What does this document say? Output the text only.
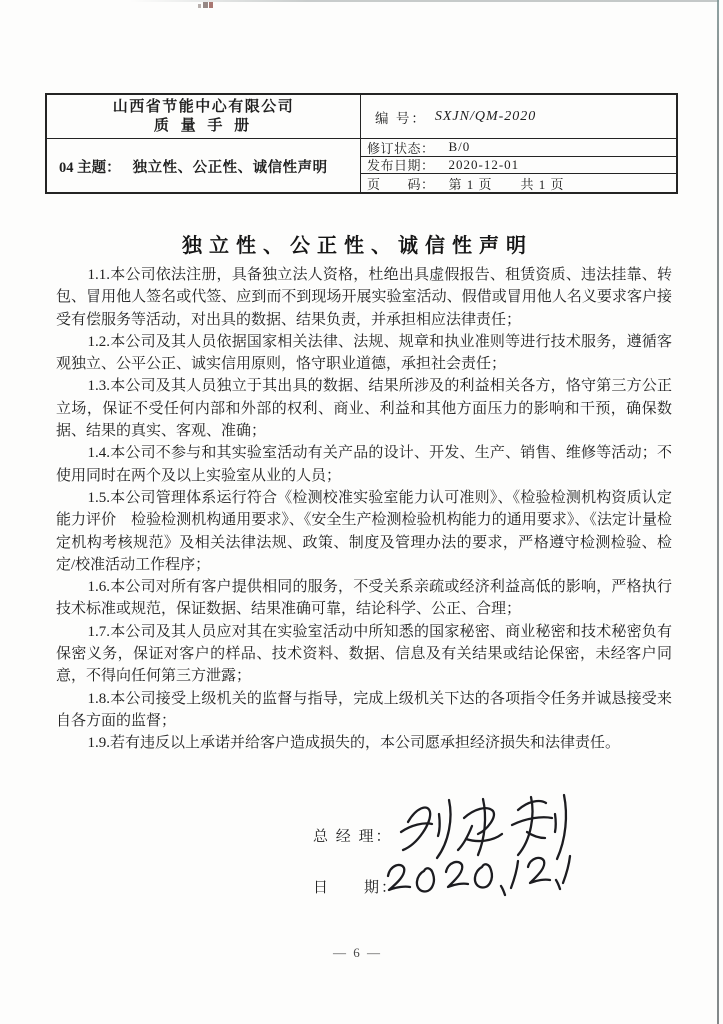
山西省节能中心有限公司
质 量 手 册	编 号： SXJN/QM-2020
04 主题： 独立性、公正性、诚信性声明
修订状态： B/0
发布日期： 2020-12-01
页　　码： 第 1 页　　共 1 页
独立性、公正性、诚信性声明

1.1.本公司依法注册，具备独立法人资格，杜绝出具虚假报告、租赁资质、违法挂靠、转包、冒用他人签名或代签、应到而不到现场开展实验室活动、假借或冒用他人名义要求客户接受有偿服务等活动，对出具的数据、结果负责，并承担相应法律责任；

1.2.本公司及其人员依据国家相关法律、法规、规章和执业准则等进行技术服务，遵循客观独立、公平公正、诚实信用原则，恪守职业道德，承担社会责任；

1.3.本公司及其人员独立于其出具的数据、结果所涉及的利益相关各方，恪守第三方公正立场，保证不受任何内部和外部的权利、商业、利益和其他方面压力的影响和干预，确保数据、结果的真实、客观、准确；

1.4.本公司不参与和其实验室活动有关产品的设计、开发、生产、销售、维修等活动；不使用同时在两个及以上实验室从业的人员；

1.5.本公司管理体系运行符合《检测校准实验室能力认可准则》、《检验检测机构资质认定能力评价　检验检测机构通用要求》、《安全生产检测检验机构能力的通用要求》、《法定计量检定机构考核规范》及相关法律法规、政策、制度及管理办法的要求，严格遵守检测检验、检定/校准活动工作程序；

1.6.本公司对所有客户提供相同的服务，不受关系亲疏或经济利益高低的影响，严格执行技术标准或规范，保证数据、结果准确可靠，结论科学、公正、合理；

1.7.本公司及其人员应对其在实验室活动中所知悉的国家秘密、商业秘密和技术秘密负有保密义务，保证对客户的样品、技术资料、数据、信息及有关结果或结论保密，未经客户同意，不得向任何第三方泄露；

1.8.本公司接受上级机关的监督与指导，完成上级机关下达的各项指令任务并诚恳接受来自各方面的监督；

1.9.若有违反以上承诺并给客户造成损失的，本公司愿承担经济损失和法律责任。

总 经 理：
日　　期：
— 6 —
